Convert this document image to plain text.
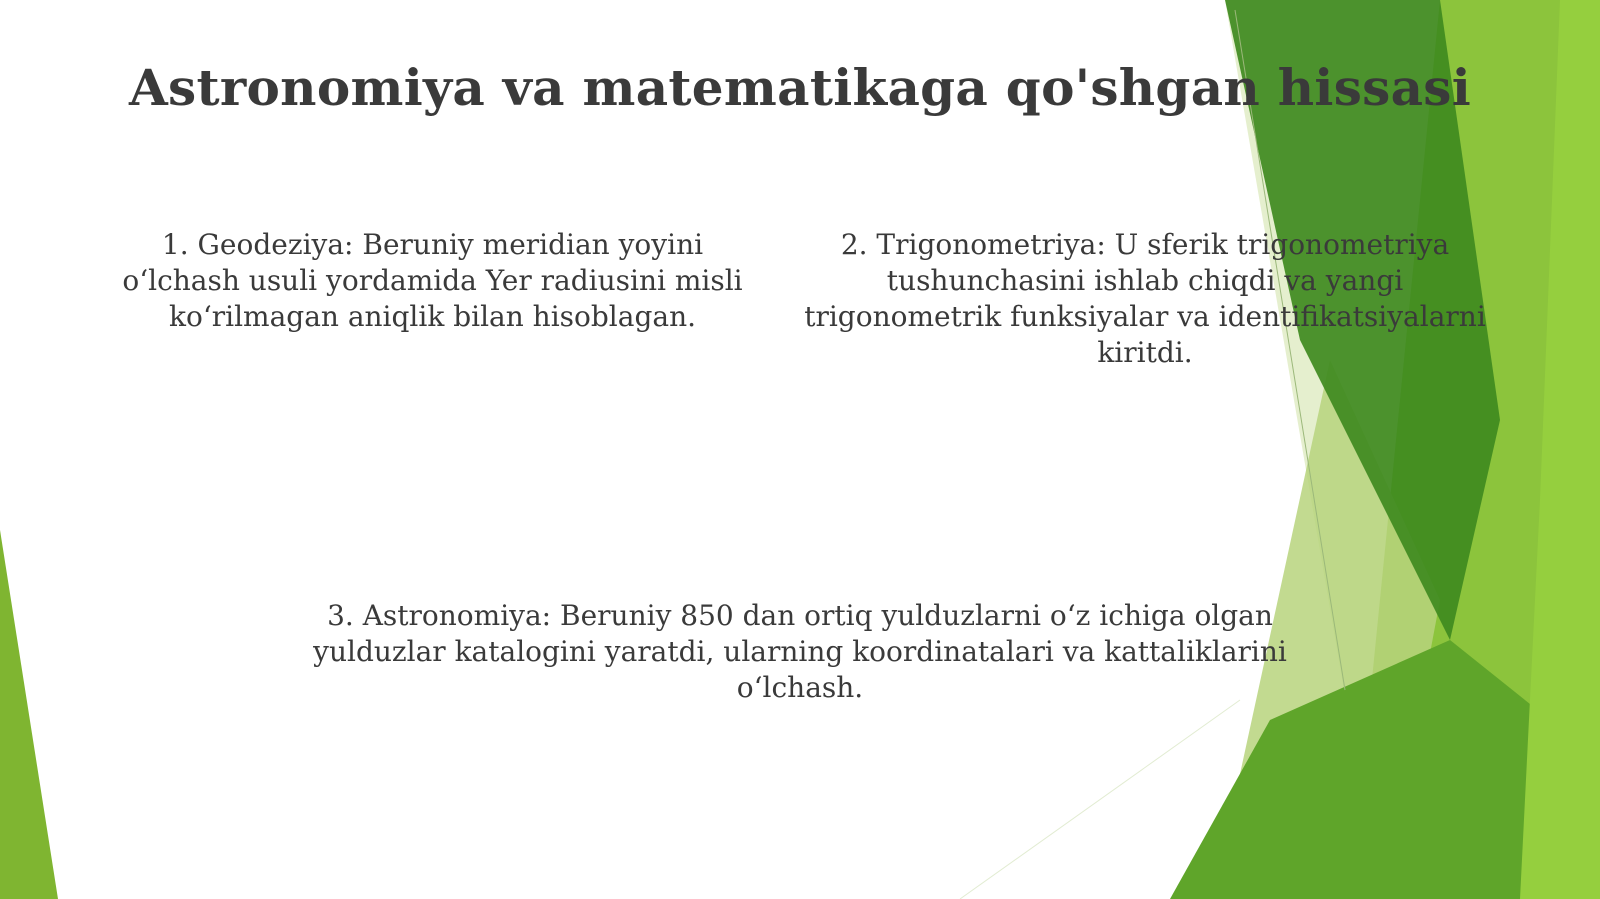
Astronomiya va matematikaga qo'shgan hissasi

1. Geodeziya: Beruniy meridian yoyini o‘lchash usuli yordamida Yer radiusini misli ko‘rilmagan aniqlik bilan hisoblagan.

2. Trigonometriya: U sferik trigonometriya tushunchasini ishlab chiqdi va yangi trigonometrik funksiyalar va identifikatsiyalarni kiritdi.

3. Astronomiya: Beruniy 850 dan ortiq yulduzlarni o‘z ichiga olgan yulduzlar katalogini yaratdi, ularning koordinatalari va kattaliklarini o‘lchash.
